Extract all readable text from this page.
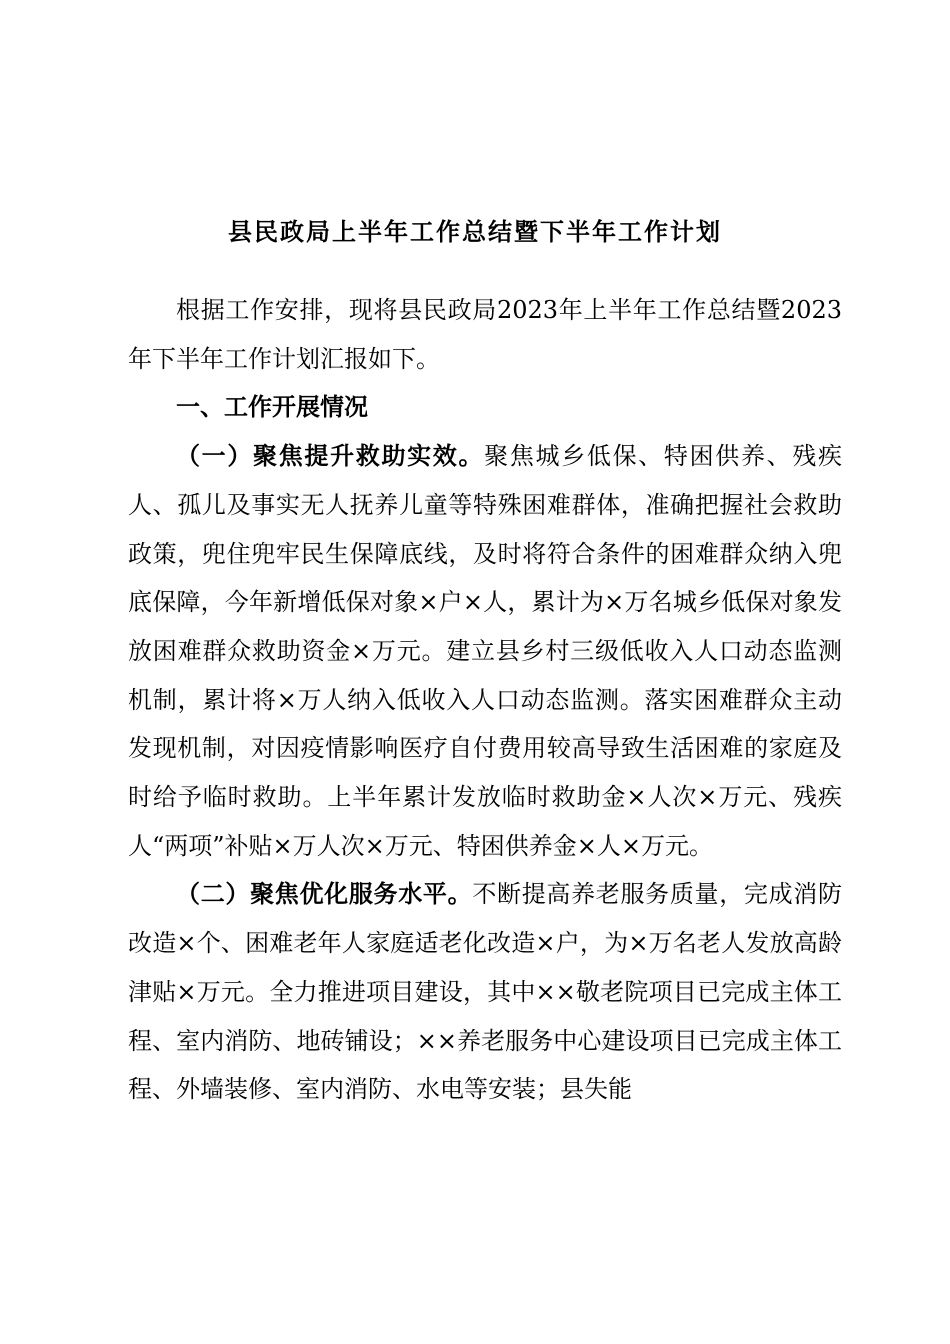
县民政局上半年工作总结暨下半年工作计划

根据工作安排，现将县民政局2023年上半年工作总结暨2023年下半年工作计划汇报如下。

一、工作开展情况

（一）聚焦提升救助实效。聚焦城乡低保、特困供养、残疾人、孤儿及事实无人抚养儿童等特殊困难群体，准确把握社会救助政策，兜住兜牢民生保障底线，及时将符合条件的困难群众纳入兜底保障，今年新增低保对象×户×人，累计为×万名城乡低保对象发放困难群众救助资金×万元。建立县乡村三级低收入人口动态监测机制，累计将×万人纳入低收入人口动态监测。落实困难群众主动发现机制，对因疫情影响医疗自付费用较高导致生活困难的家庭及时给予临时救助。上半年累计发放临时救助金×人次×万元、残疾人“两项”补贴×万人次×万元、特困供养金×人×万元。

（二）聚焦优化服务水平。不断提高养老服务质量，完成消防改造×个、困难老年人家庭适老化改造×户，为×万名老人发放高龄津贴×万元。全力推进项目建设，其中××敬老院项目已完成主体工程、室内消防、地砖铺设；××养老服务中心建设项目已完成主体工程、外墙装修、室内消防、水电等安装；县失能
